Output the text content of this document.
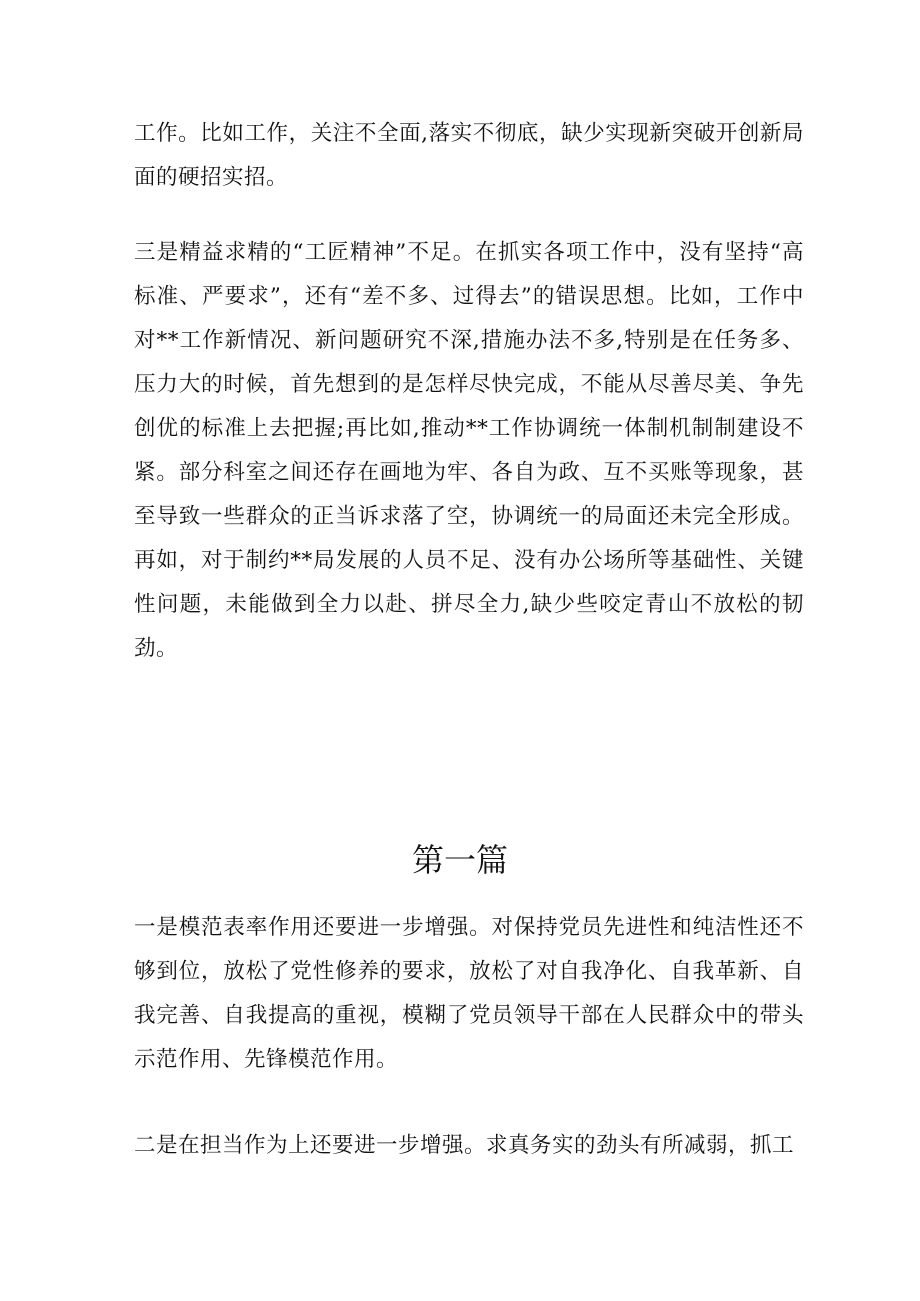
工作。比如工作，关注不全面,落实不彻底，缺少实现新突破开创新局面的硬招实招。

三是精益求精的“工匠精神”不足。在抓实各项工作中，没有坚持“高标准、严要求”，还有“差不多、过得去”的错误思想。比如，工作中对**工作新情况、新问题研究不深,措施办法不多,特别是在任务多、压力大的时候，首先想到的是怎样尽快完成，不能从尽善尽美、争先创优的标准上去把握;再比如,推动**工作协调统一体制机制制建设不紧。部分科室之间还存在画地为牢、各自为政、互不买账等现象，甚至导致一些群众的正当诉求落了空，协调统一的局面还未完全形成。再如，对于制约**局发展的人员不足、没有办公场所等基础性、关键性问题，未能做到全力以赴、拼尽全力,缺少些咬定青山不放松的韧劲。

第一篇

一是模范表率作用还要进一步增强。对保持党员先进性和纯洁性还不够到位，放松了党性修养的要求，放松了对自我净化、自我革新、自我完善、自我提高的重视，模糊了党员领导干部在人民群众中的带头示范作用、先锋模范作用。

二是在担当作为上还要进一步增强。求真务实的劲头有所减弱，抓工
